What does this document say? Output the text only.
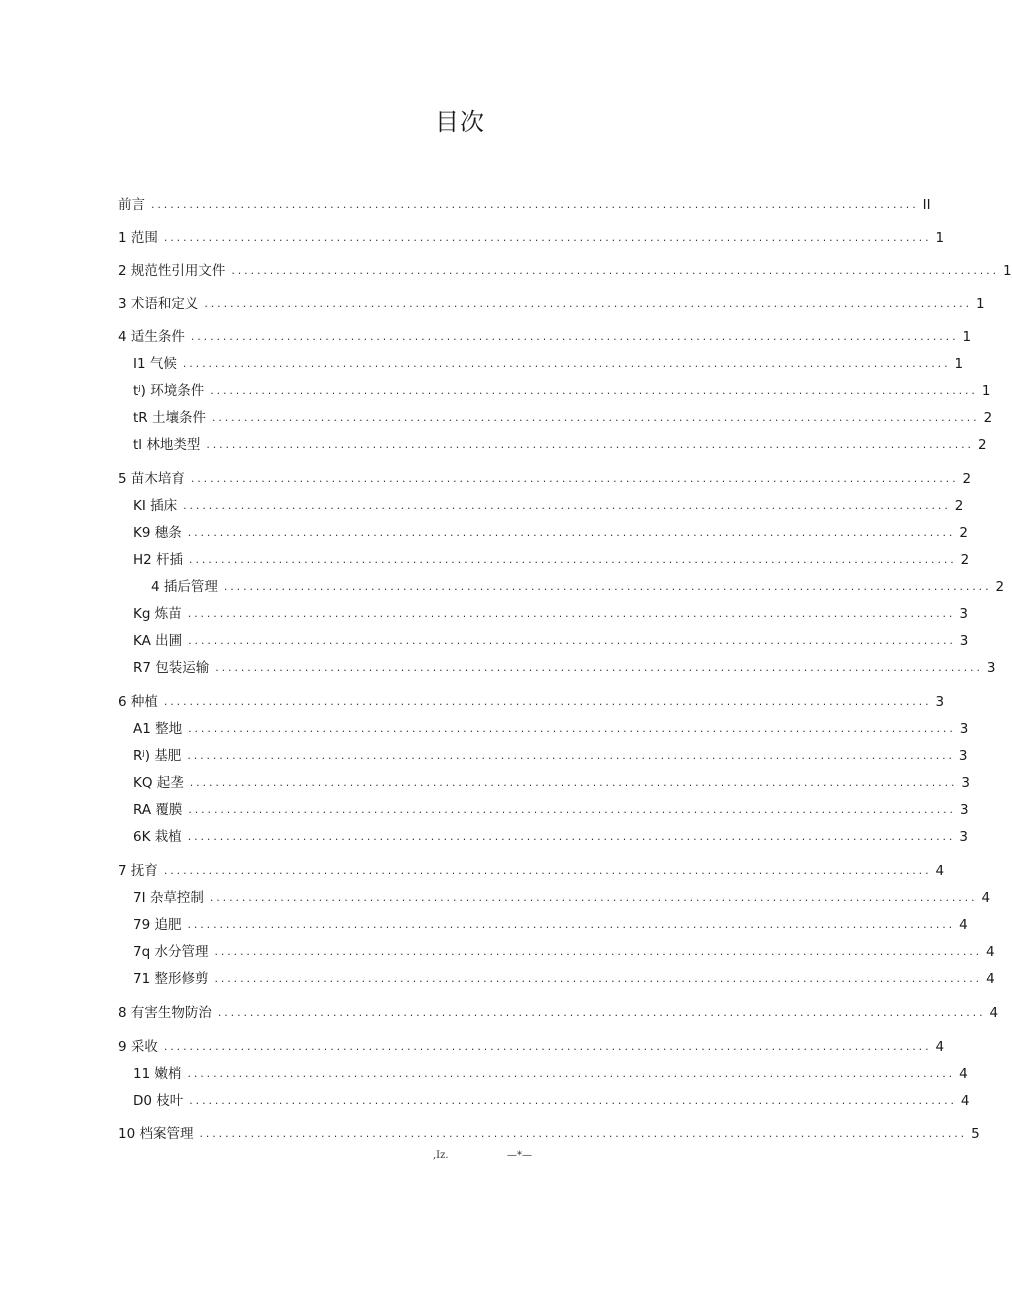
目次
前言 ........................................................................................................................ II
1 范围 ........................................................................................................................ 1
2 规范性引用文件 ........................................................................................................................ 1
3 术语和定义 ........................................................................................................................ 1
4 适生条件 ........................................................................................................................ 1
I1 气候 ........................................................................................................................ 1
tʲ) 环境条件 ........................................................................................................................ 1
tR 土壤条件 ........................................................................................................................ 2
tl 林地类型 ........................................................................................................................ 2
5 苗木培育 ........................................................................................................................ 2
KI 插床 ........................................................................................................................ 2
K9 穗条 ........................................................................................................................ 2
H2 杆插 ........................................................................................................................ 2
4 插后管理 ........................................................................................................................ 2
Kg 炼苗 ........................................................................................................................ 3
KA 出圃 ........................................................................................................................ 3
R7 包装运输 ........................................................................................................................ 3
6 种植 ........................................................................................................................ 3
A1 整地 ........................................................................................................................ 3
Rʲ) 基肥 ........................................................................................................................ 3
KQ 起垄 ........................................................................................................................ 3
RA 覆膜 ........................................................................................................................ 3
6K 栽植 ........................................................................................................................ 3
7 抚育 ........................................................................................................................ 4
7I 杂草控制 ........................................................................................................................ 4
79 追肥 ........................................................................................................................ 4
7q 水分管理 ........................................................................................................................ 4
71 整形修剪 ........................................................................................................................ 4
8 有害生物防治 ........................................................................................................................ 4
9 采收 ........................................................................................................................ 4
11 嫩梢 ........................................................................................................................ 4
D0 枝叶 ........................................................................................................................ 4
10 档案管理 ........................................................................................................................ 5
,Iz.	—*—
